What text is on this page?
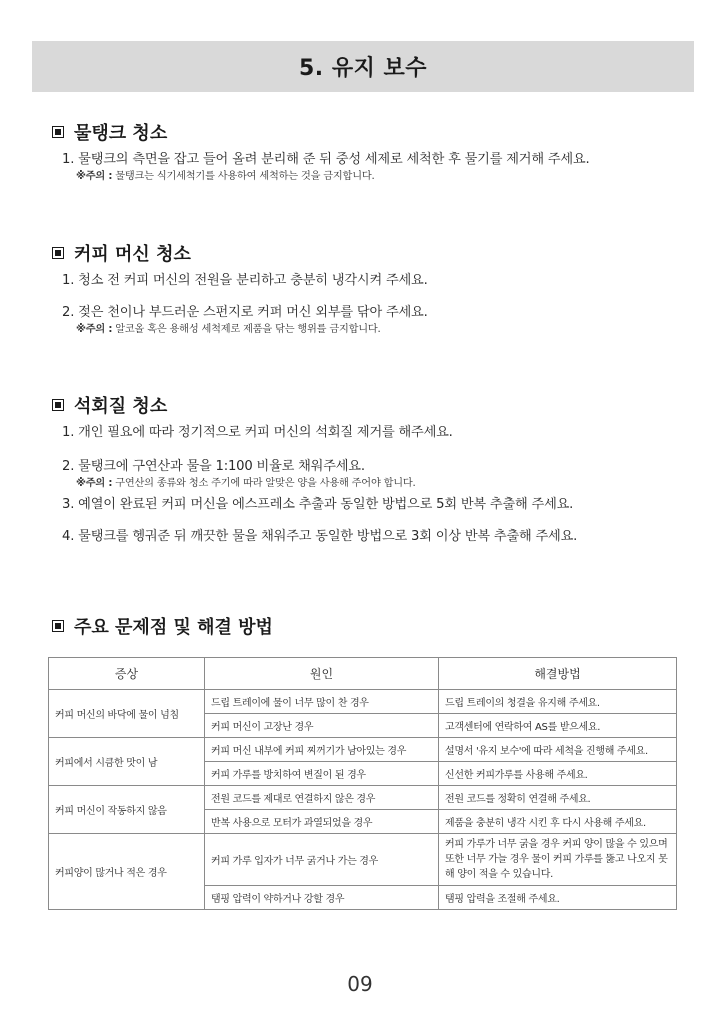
5. 유지 보수
물탱크 청소
1. 물탱크의 측면을 잡고 들어 올려 분리해 준 뒤 중성 세제로 세척한 후 물기를 제거해 주세요.
※주의 : 물탱크는 식기세척기를 사용하여 세척하는 것을 금지합니다.
커피 머신 청소
1. 청소 전 커피 머신의 전원을 분리하고 충분히 냉각시켜 주세요.
2. 젖은 천이나 부드러운 스펀지로 커퍼 머신 외부를 닦아 주세요.
※주의 : 알코올 혹은 용해성 세척제로 제품을 닦는 행위를 금지합니다.
석회질 청소
1. 개인 필요에 따라 정기적으로 커피 머신의 석회질 제거를 해주세요.
2. 물탱크에 구연산과 물을 1:100 비율로 채워주세요.
※주의 : 구연산의 종류와 청소 주기에 따라 알맞은 양을 사용해 주어야 합니다.
3. 예열이 완료된 커피 머신을 에스프레소 추출과 동일한 방법으로 5회 반복 추출해 주세요.
4. 물탱크를 헹궈준 뒤 깨끗한 물을 채워주고 동일한 방법으로 3회 이상 반복 추출해 주세요.
주요 문제점 및 해결 방법
증상	원인	해결방법
커피 머신의 바닥에 물이 넘침	드립 트레이에 물이 너무 많이 찬 경우	드립 트레이의 청결을 유지해 주세요.
	커피 머신이 고장난 경우	고객센터에 연락하여 AS를 받으세요.
커피에서 시큼한 맛이 남	커피 머신 내부에 커피 찌꺼기가 남아있는 경우	설명서 '유지 보수'에 따라 세척을 진행해 주세요.
	커피 가루를 방치하여 변질이 된 경우	신선한 커피가루를 사용해 주세요.
커피 머신이 작동하지 않음	전원 코드를 제대로 연결하지 않은 경우	전원 코드를 정확히 연결해 주세요.
	반복 사용으로 모터가 과열되었을 경우	제품을 충분히 냉각 시킨 후 다시 사용해 주세요.
커피양이 많거나 적은 경우	커피 가루 입자가 너무 굵거나 가는 경우	커피 가루가 너무 굵을 경우 커피 양이 많을 수 있으며 또한 너무 가늘 경우 물이 커피 가루를 뚫고 나오지 못해 양이 적을 수 있습니다.
	탬핑 압력이 약하거나 강할 경우	탬핑 압력을 조절해 주세요.
09
